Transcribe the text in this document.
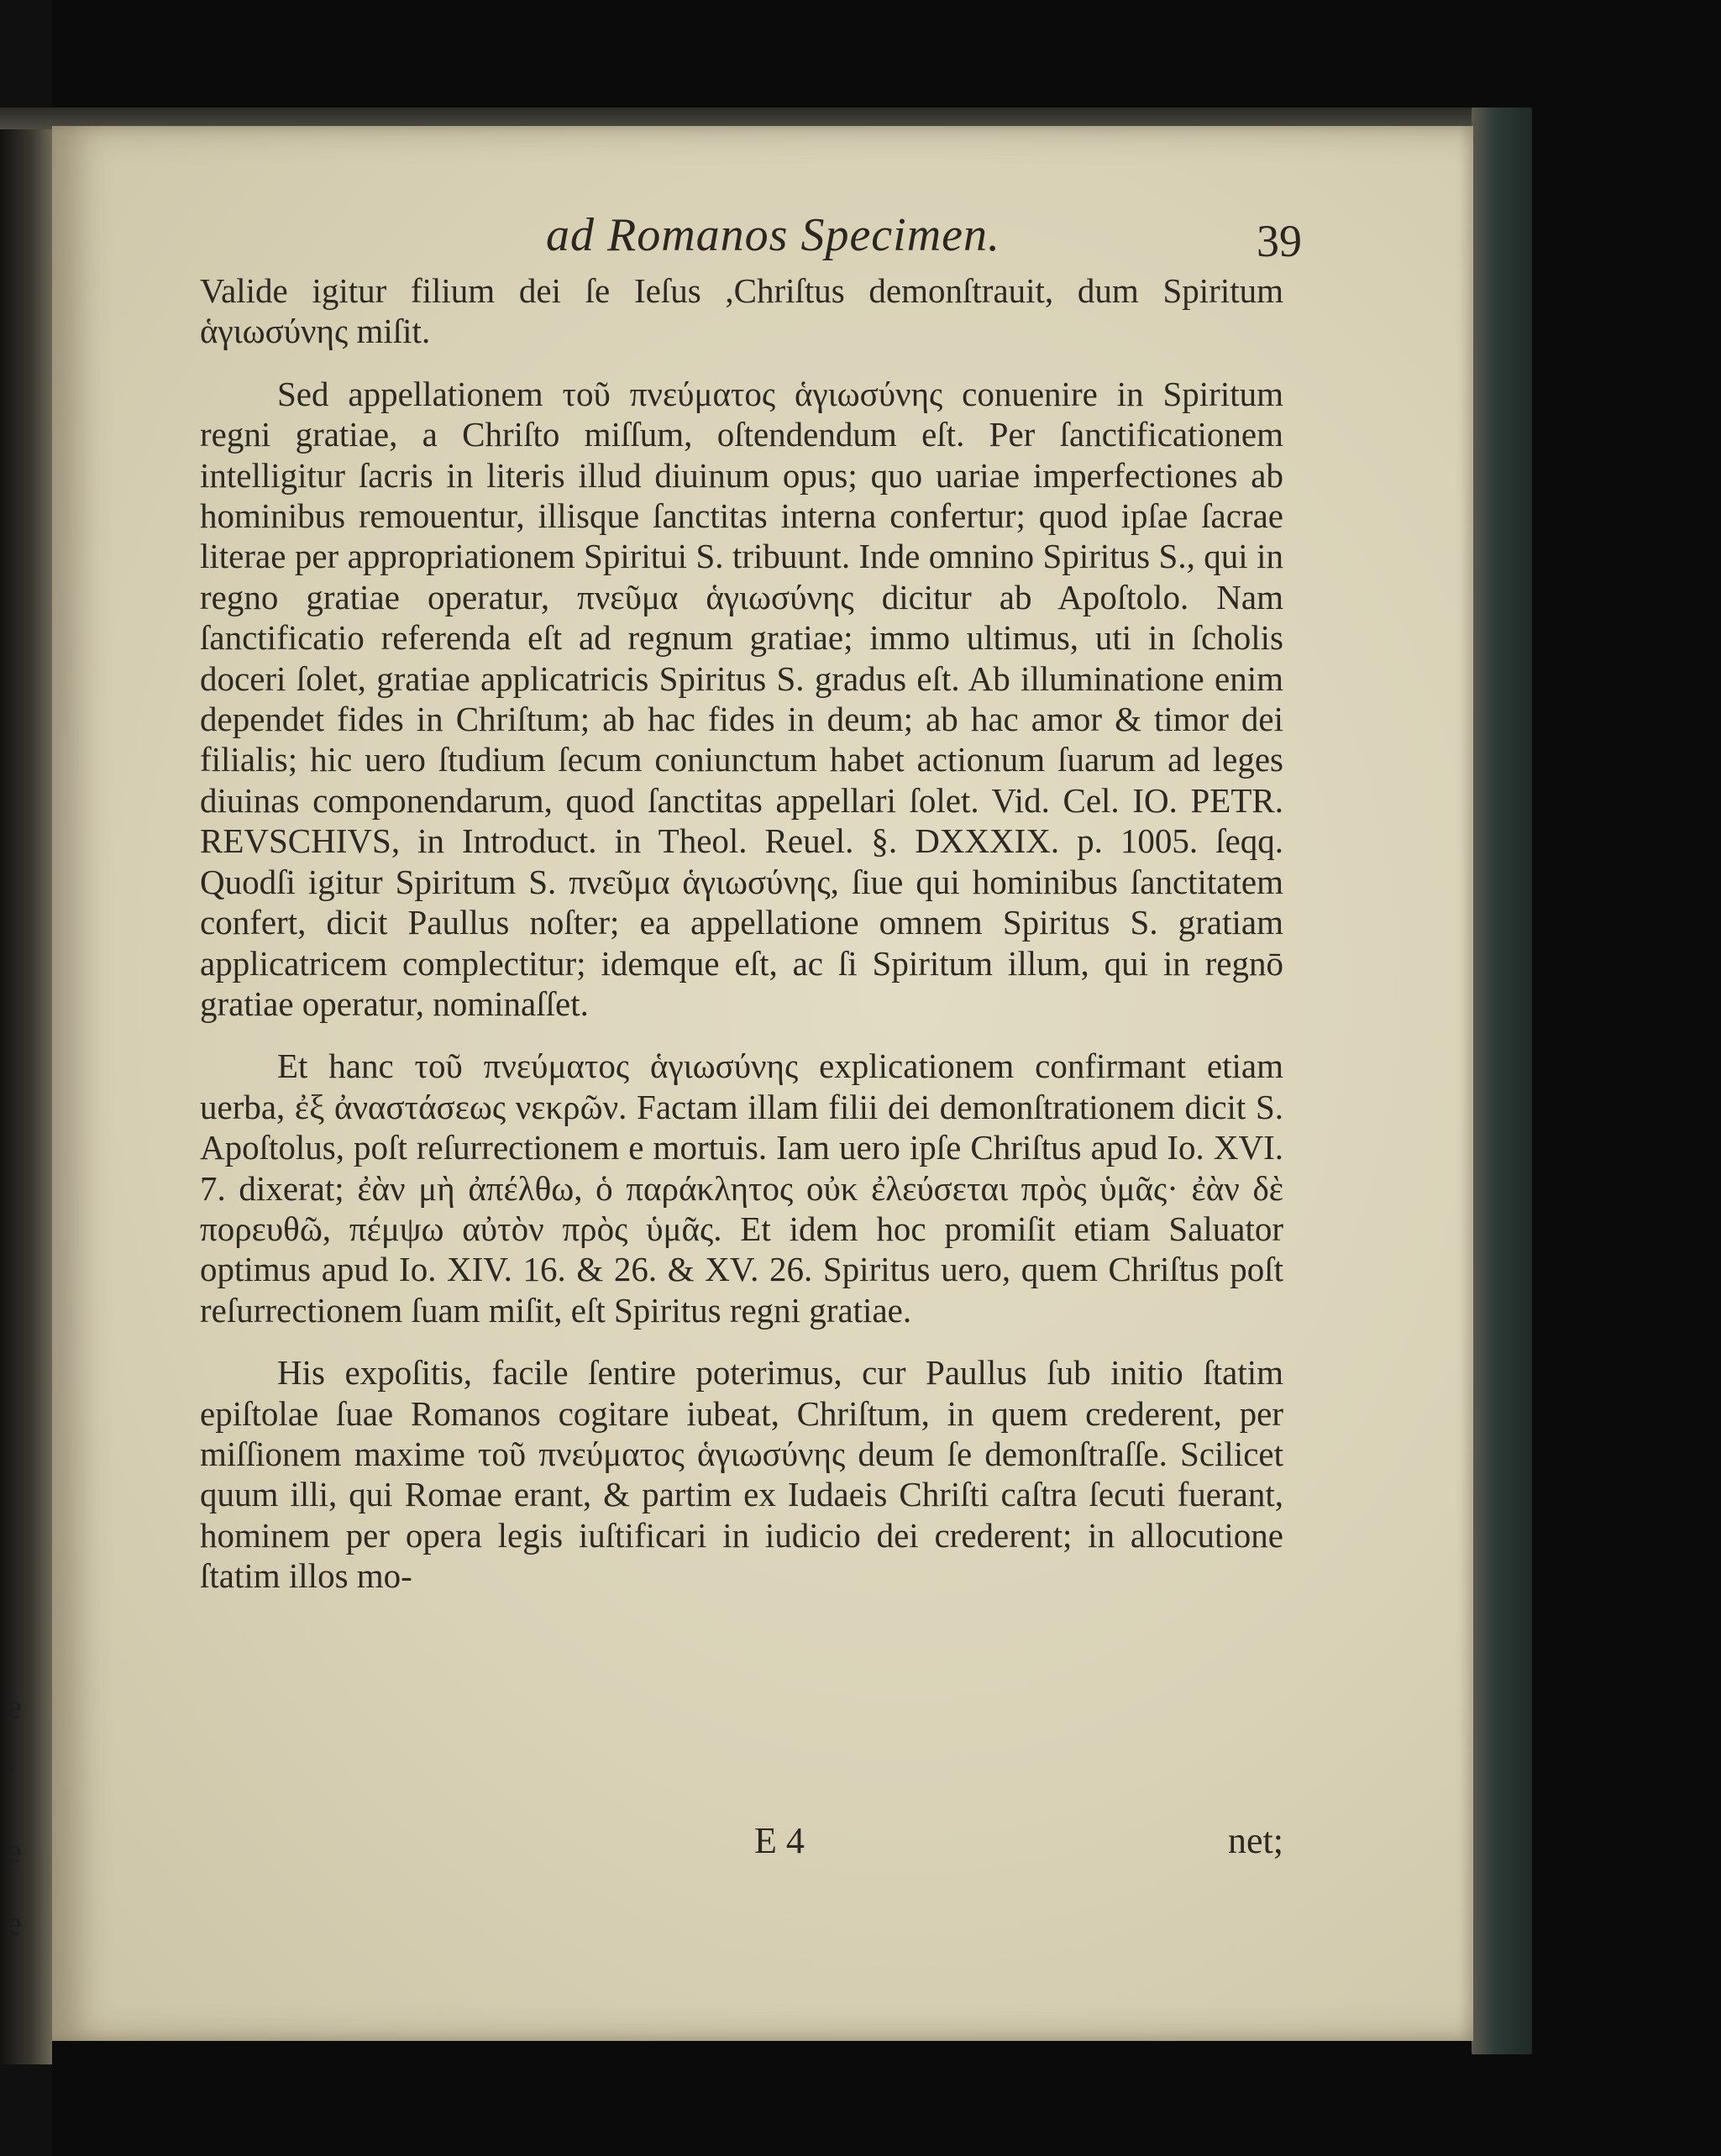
,
e
e
e
ad Romanos Specimen.	39

Valide igitur filium dei ſe Ieſus ,Chriſtus demonſtrauit, dum Spiritum ἁγιωσύνης miſit.

Sed appellationem τοῦ πνεύματος ἁγιωσύνης conuenire in Spiritum regni gratiae, a Chriſto miſſum, oſtendendum eſt. Per ſanctificationem intelligitur ſacris in literis illud diuinum opus; quo uariae imperfectiones ab hominibus remouentur, illisque ſanctitas interna confertur; quod ipſae ſacrae literae per appropriationem Spiritui S. tribuunt. Inde omnino Spiritus S., qui in regno gratiae operatur, πνεῦμα ἁγιωσύνης dicitur ab Apoſtolo. Nam ſanctificatio referenda eſt ad regnum gratiae; immo ultimus, uti in ſcholis doceri ſolet, gratiae applicatricis Spiritus S. gradus eſt. Ab illuminatione enim dependet fides in Chriſtum; ab hac fides in deum; ab hac amor & timor dei filialis; hic uero ſtudium ſecum coniunctum habet actionum ſuarum ad leges diuinas componendarum, quod ſanctitas appellari ſolet. Vid. Cel. IO. PETR. REVSCHIVS, in Introduct. in Theol. Reuel. §. DXXXIX. p. 1005. ſeqq. Quodſi igitur Spiritum S. πνεῦμα ἁγιωσύνης, ſiue qui hominibus ſanctitatem confert, dicit Paullus noſter; ea appellatione omnem Spiritus S. gratiam applicatricem complectitur; idemque eſt, ac ſi Spiritum illum, qui in regnō gratiae operatur, nominaſſet.

Et hanc τοῦ πνεύματος ἁγιωσύνης explicationem confirmant etiam uerba, ἐξ ἀναστάσεως νεκρῶν. Factam illam filii dei demonſtrationem dicit S. Apoſtolus, poſt reſurrectionem e mortuis. Iam uero ipſe Chriſtus apud Io. XVI. 7. dixerat; ἐὰν μὴ ἀπέλθω, ὁ παράκλητος οὐκ ἐλεύσεται πρὸς ὑμᾶς· ἐὰν δὲ πορευθῶ, πέμψω αὐτὸν πρὸς ὑμᾶς. Et idem hoc promiſit etiam Saluator optimus apud Io. XIV. 16. & 26. & XV. 26. Spiritus uero, quem Chriſtus poſt reſurrectionem ſuam miſit, eſt Spiritus regni gratiae.

His expoſitis, facile ſentire poterimus, cur Paullus ſub initio ſtatim epiſtolae ſuae Romanos cogitare iubeat, Chriſtum, in quem crederent, per miſſionem maxime τοῦ πνεύματος ἁγιωσύνης deum ſe demonſtraſſe. Scilicet quum illi, qui Romae erant, & partim ex Iudaeis Chriſti caſtra ſecuti fuerant, hominem per opera legis iuſtificari in iudicio dei crederent; in allocutione ſtatim illos mo-

E 4	net;
